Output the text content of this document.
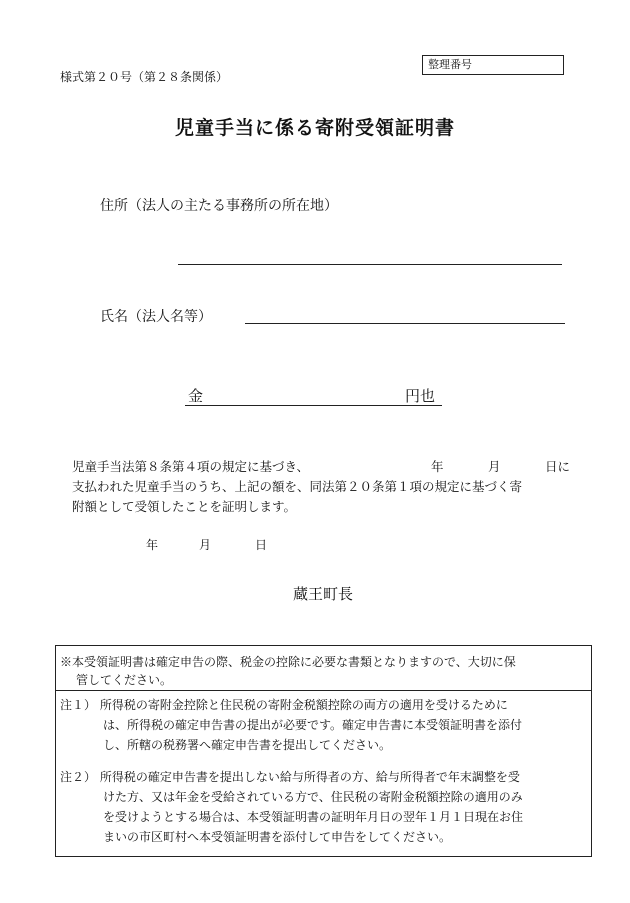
様式第２０号（第２８条関係）
整理番号
児童手当に係る寄附受領証明書
住所（法人の主たる事務所の所在地）
氏名（法人名等）
金	円也
児童手当法第８条第４項の規定に基づき、	年	月	日に
支払われた児童手当のうち、上記の額を、同法第２０条第１項の規定に基づく寄
附額として受領したことを証明します。
年	月	日
蔵王町長
※本受領証明書は確定申告の際、税金の控除に必要な書類となりますので、大切に保
管してください。
注１） 所得税の寄附金控除と住民税の寄附金税額控除の両方の適用を受けるために
は、所得税の確定申告書の提出が必要です。確定申告書に本受領証明書を添付
し、所轄の税務署へ確定申告書を提出してください。
注２） 所得税の確定申告書を提出しない給与所得者の方、給与所得者で年末調整を受
けた方、又は年金を受給されている方で、住民税の寄附金税額控除の適用のみ
を受けようとする場合は、本受領証明書の証明年月日の翌年１月１日現在お住
まいの市区町村へ本受領証明書を添付して申告をしてください。
